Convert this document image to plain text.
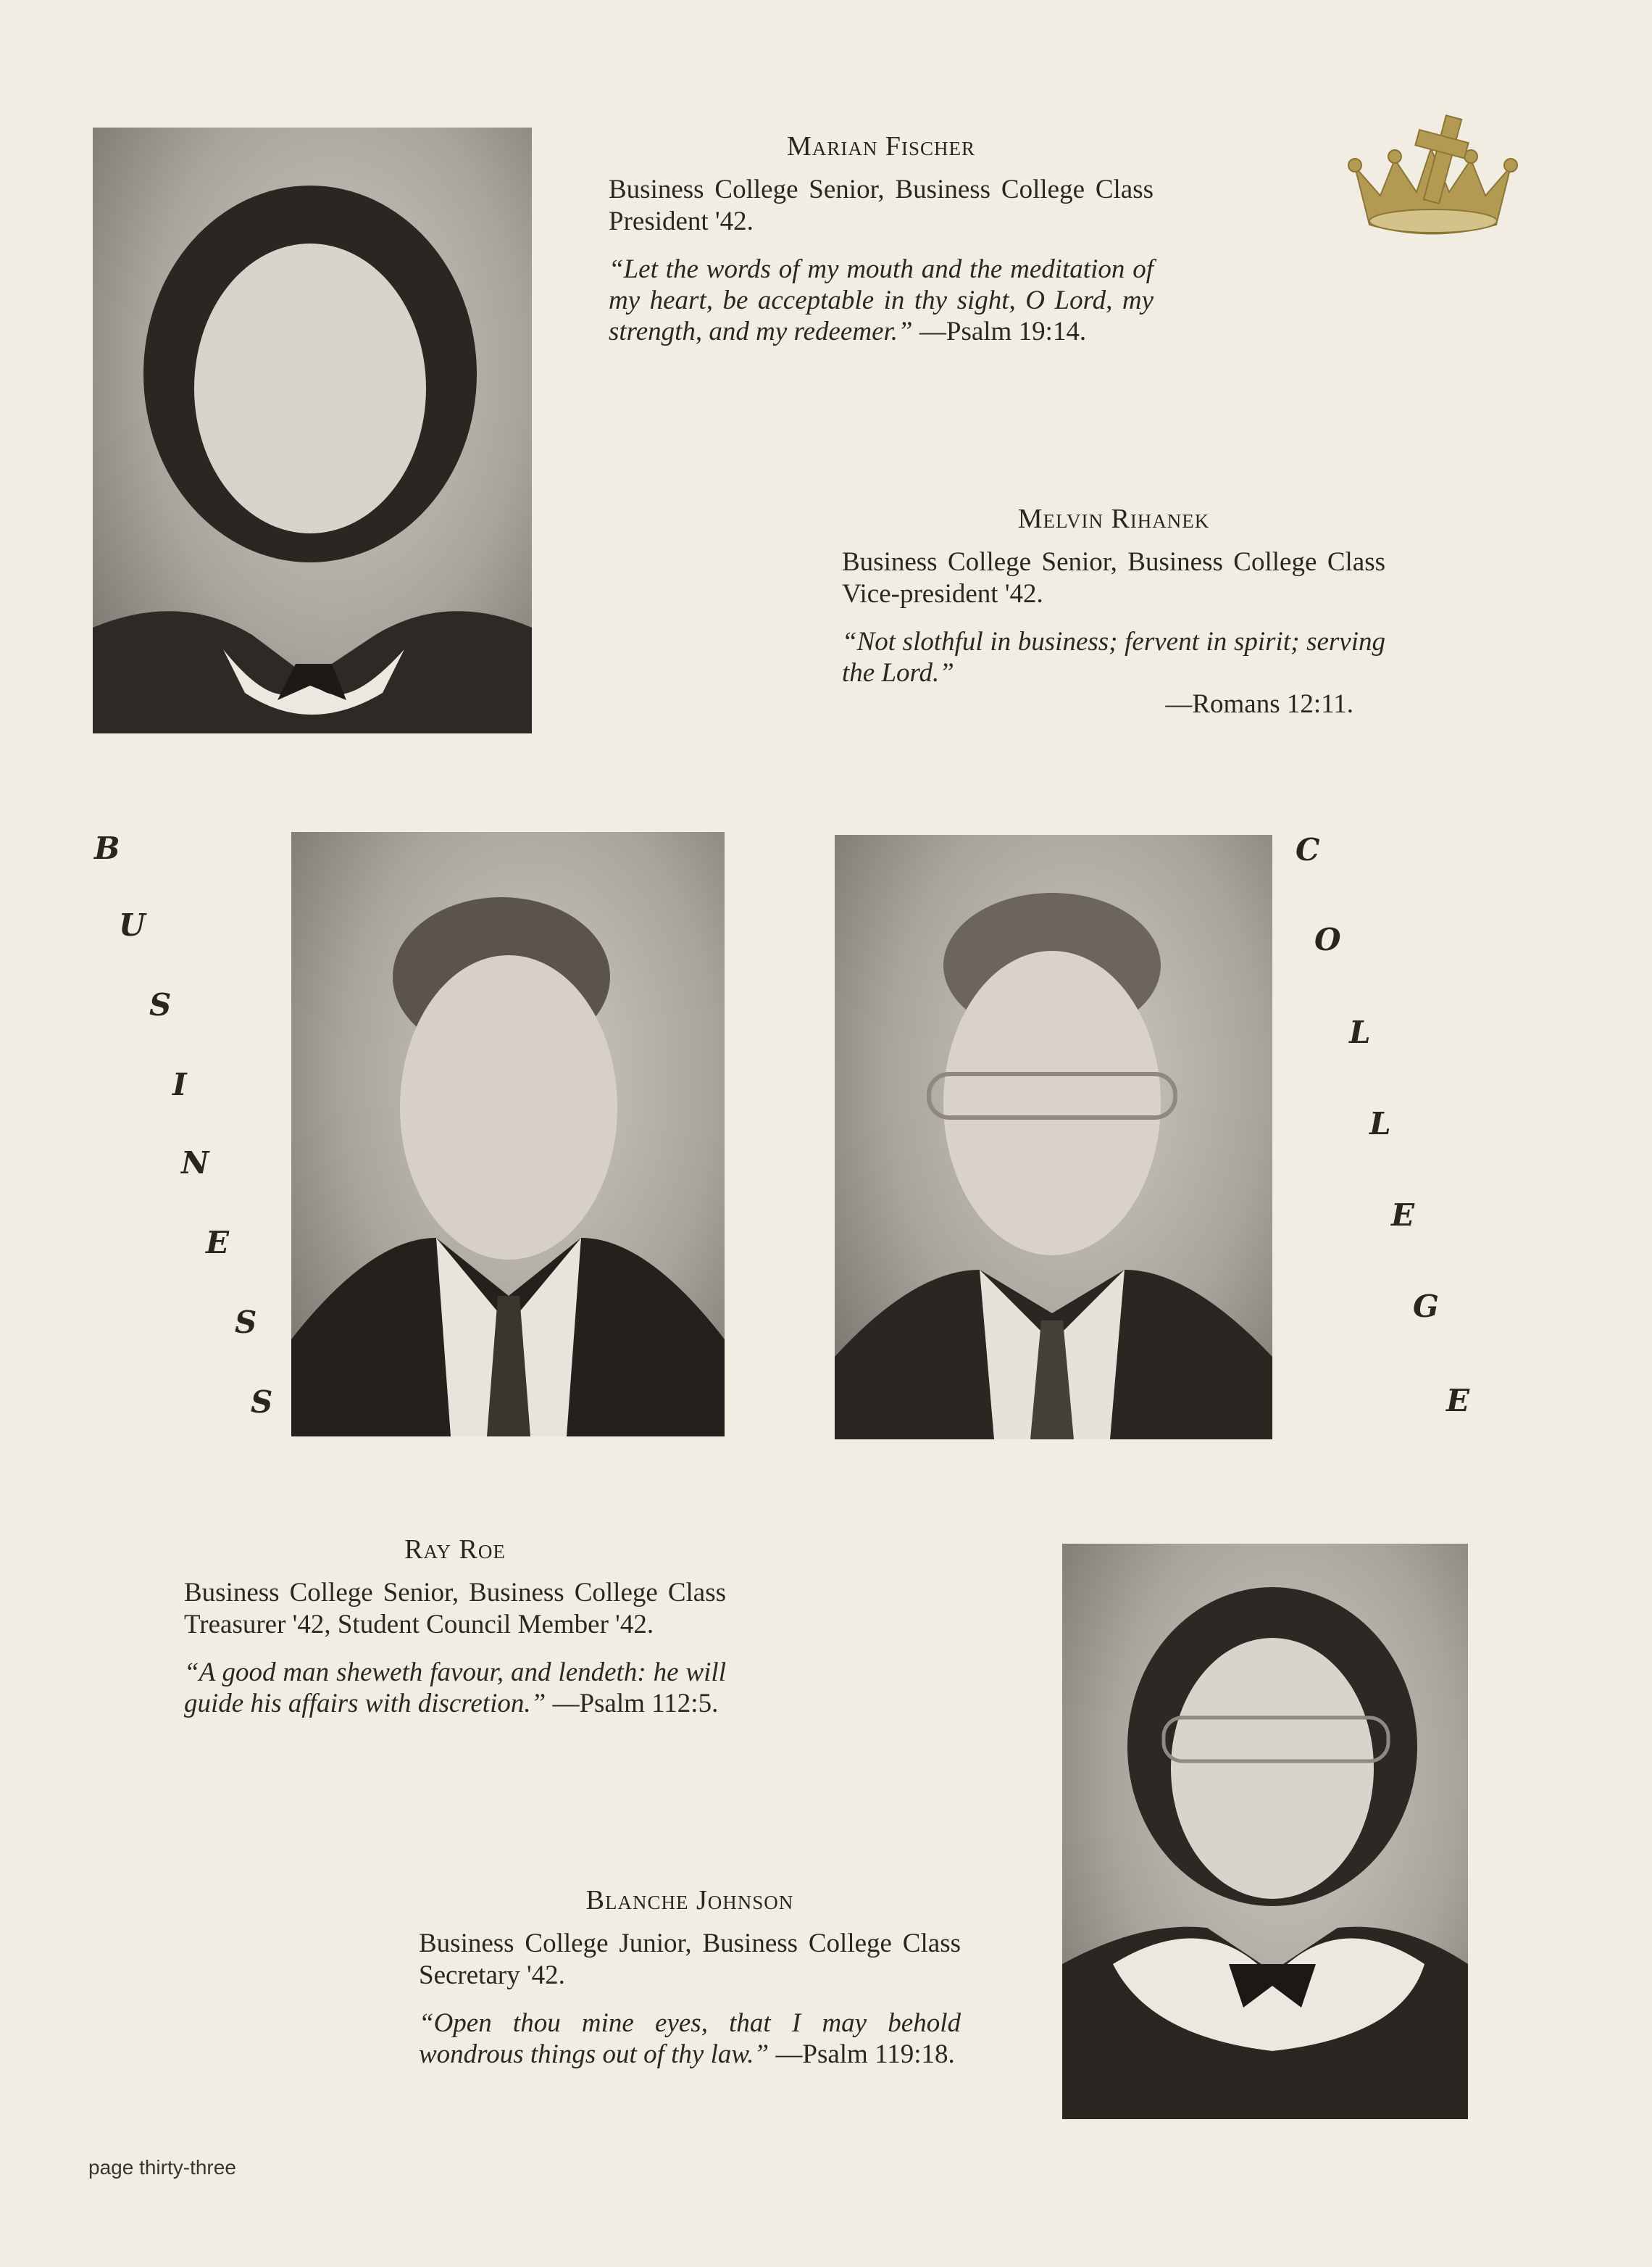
Marian Fischer

Business College Senior, Business College Class President '42.

“Let the words of my mouth and the meditation of my heart, be acceptable in thy sight, O Lord, my strength, and my redeemer.” —Psalm 19:14.

Melvin Rihanek

Business College Senior, Business College Class Vice-president '42.

“Not slothful in business; fervent in spirit; serving the Lord.”
—Romans 12:11.

B
U
S
I
N
E
S
S
C
O
L
L
E
G
E
Ray Roe

Business College Senior, Business College Class Treasurer '42, Student Council Member '42.

“A good man sheweth favour, and lendeth: he will guide his affairs with discretion.” —Psalm 112:5.

Blanche Johnson

Business College Junior, Business College Class Secretary '42.

“Open thou mine eyes, that I may behold wondrous things out of thy law.” —Psalm 119:18.

page thirty-three
